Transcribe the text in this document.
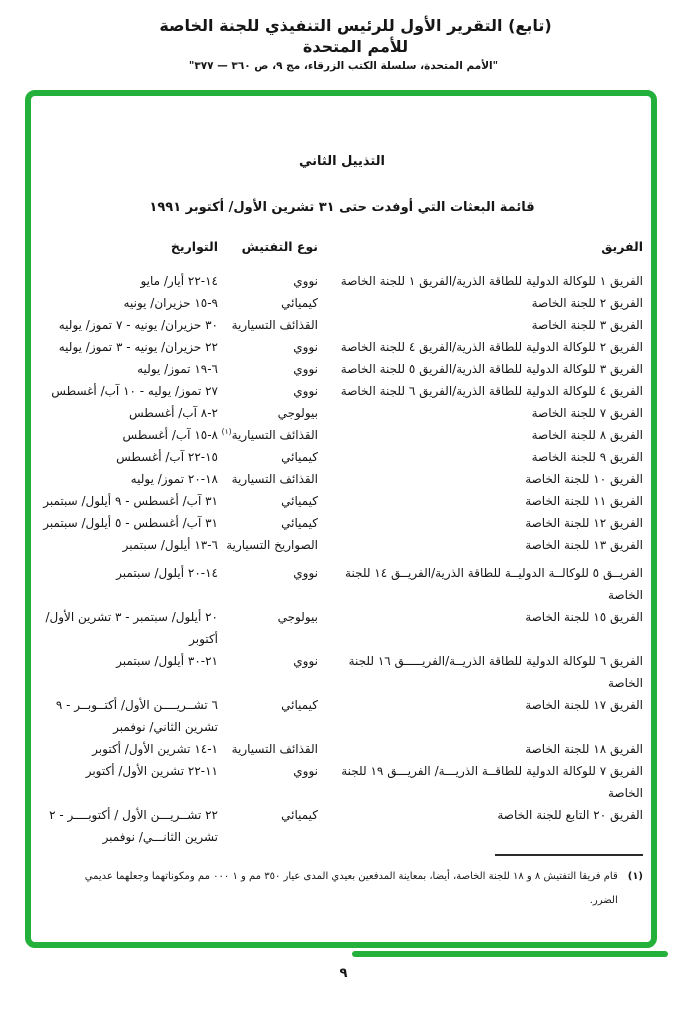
(تابع) التقرير الأول للرئيس التنفيذي للجنة الخاصة للأمم المتحدة
"الأمم المتحدة، سلسلة الكتب الزرقاء، مج ٩، ص ٣٦٠ — ٣٧٧"
التذييل الثاني
قائمة البعثات التي أوفدت حتى ٣١ تشرين الأول/ أكتوبر ١٩٩١
الفريق	نوع التفتيش	التواريخ
الفريق ١ للوكالة الدولية للطاقة الذرية/الفريق ١ للجنة الخاصة	نووي	١٤-٢٢ أيار/ مايو
الفريق ٢ للجنة الخاصة	كيميائي	٩-١٥ حزيران/ يونيه
الفريق ٣ للجنة الخاصة	القذائف التسيارية	٣٠ حزيران/ يونيه - ٧ تموز/ يوليه
الفريق ٢ للوكالة الدولية للطاقة الذرية/الفريق ٤ للجنة الخاصة	نووي	٢٢ حزيران/ يونيه - ٣ تموز/ يوليه
الفريق ٣ للوكالة الدولية للطاقة الذرية/الفريق ٥ للجنة الخاصة	نووي	٦-١٩ تموز/ يوليه
الفريق ٤ للوكالة الدولية للطاقة الذرية/الفريق ٦ للجنة الخاصة	نووي	٢٧ تموز/ يوليه - ١٠ آب/ أغسطس
الفريق ٧ للجنة الخاصة	بيولوجي	٢-٨ آب/ أغسطس
الفريق ٨ للجنة الخاصة	القذائف التسيارية$^{(١)}$	٨-١٥ آب/ أغسطس
الفريق ٩ للجنة الخاصة	كيميائي	١٥-٢٢ آب/ أغسطس
الفريق ١٠ للجنة الخاصة	القذائف التسيارية	١٨-٢٠ تموز/ يوليه
الفريق ١١ للجنة الخاصة	كيميائي	٣١ آب/ أغسطس - ٩ أيلول/ سبتمبر
الفريق ١٢ للجنة الخاصة	كيميائي	٣١ آب/ أغسطس - ٥ أيلول/ سبتمبر
الفريق ١٣ للجنة الخاصة	الصواريخ التسيارية	٦-١٣ أيلول/ سبتمبر
الفريــق ٥ للوكالــة الدوليــة للطاقة الذرية/الفريــق ١٤ للجنة الخاصة	نووي	١٤-٢٠ أيلول/ سبتمبر
الفريق ١٥ للجنة الخاصة	بيولوجي	٢٠ أيلول/ سبتمبر - ٣ تشرين الأول/ أكتوبر
الفريق ٦ للوكالة الدولية للطاقة الذريــة/الفريـــــق ١٦ للجنة الخاصة	نووي	٢١-٣٠ أيلول/ سبتمبر
الفريق ١٧ للجنة الخاصة	كيميائي	٦ تشــريــــن الأول/ أكتــوبــر - ٩ تشرين الثاني/ نوفمبر
الفريق ١٨ للجنة الخاصة	القذائف التسيارية	١-١٤ تشرين الأول/ أكتوبر
الفريق ٧ للوكالة الدولية للطاقــة الذريـــة/ الفريـــق ١٩ للجنة الخاصة	نووي	١١-٢٢ تشرين الأول/ أكتوبر
الفريق ٢٠ التابع للجنة الخاصة	كيميائي	٢٢ تشــريـــن الأول / أكتوبــــر - ٢ تشرين الثانـــي/ نوفمبر
(١)
قام فريقا التفتيش ٨ و ١٨ للجنة الخاصة، أيضا، بمعاينة المدفعين بعيدي المدى عيار ٣٥٠ مم و ١ ٠٠٠ مم ومكوناتهما وجعلهما عديمي الضرر.
٩
